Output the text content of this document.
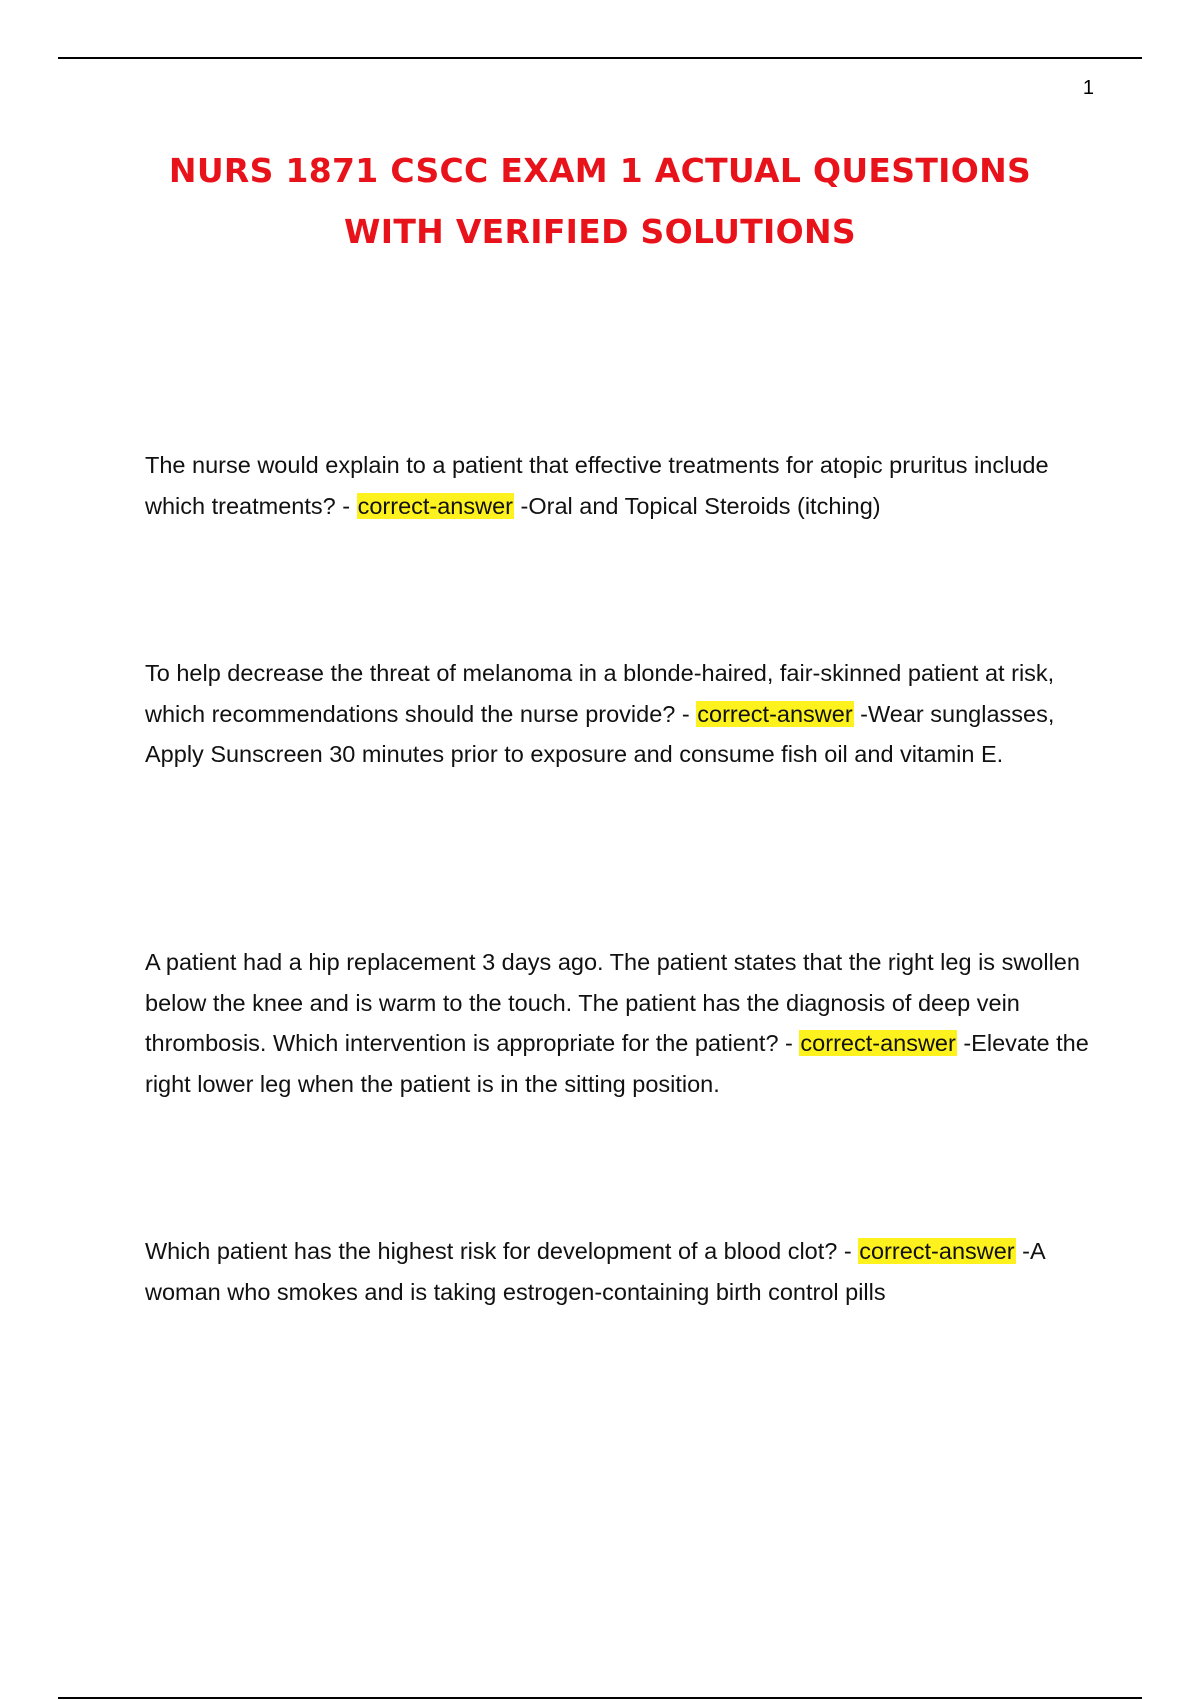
1
NURS 1871 CSCC EXAM 1 ACTUAL QUESTIONS
WITH VERIFIED SOLUTIONS

The nurse would explain to a patient that effective treatments for atopic pruritus include which treatments? - correct-answer -Oral and Topical Steroids (itching)

To help decrease the threat of melanoma in a blonde-haired, fair-skinned patient at risk, which recommendations should the nurse provide? - correct-answer -Wear sunglasses, Apply Sunscreen 30 minutes prior to exposure and consume fish oil and vitamin E.

A patient had a hip replacement 3 days ago. The patient states that the right leg is swollen below the knee and is warm to the touch. The patient has the diagnosis of deep vein thrombosis. Which intervention is appropriate for the patient? - correct-answer -Elevate the right lower leg when the patient is in the sitting position.

Which patient has the highest risk for development of a blood clot? - correct-answer -A woman who smokes and is taking estrogen-containing birth control pills
